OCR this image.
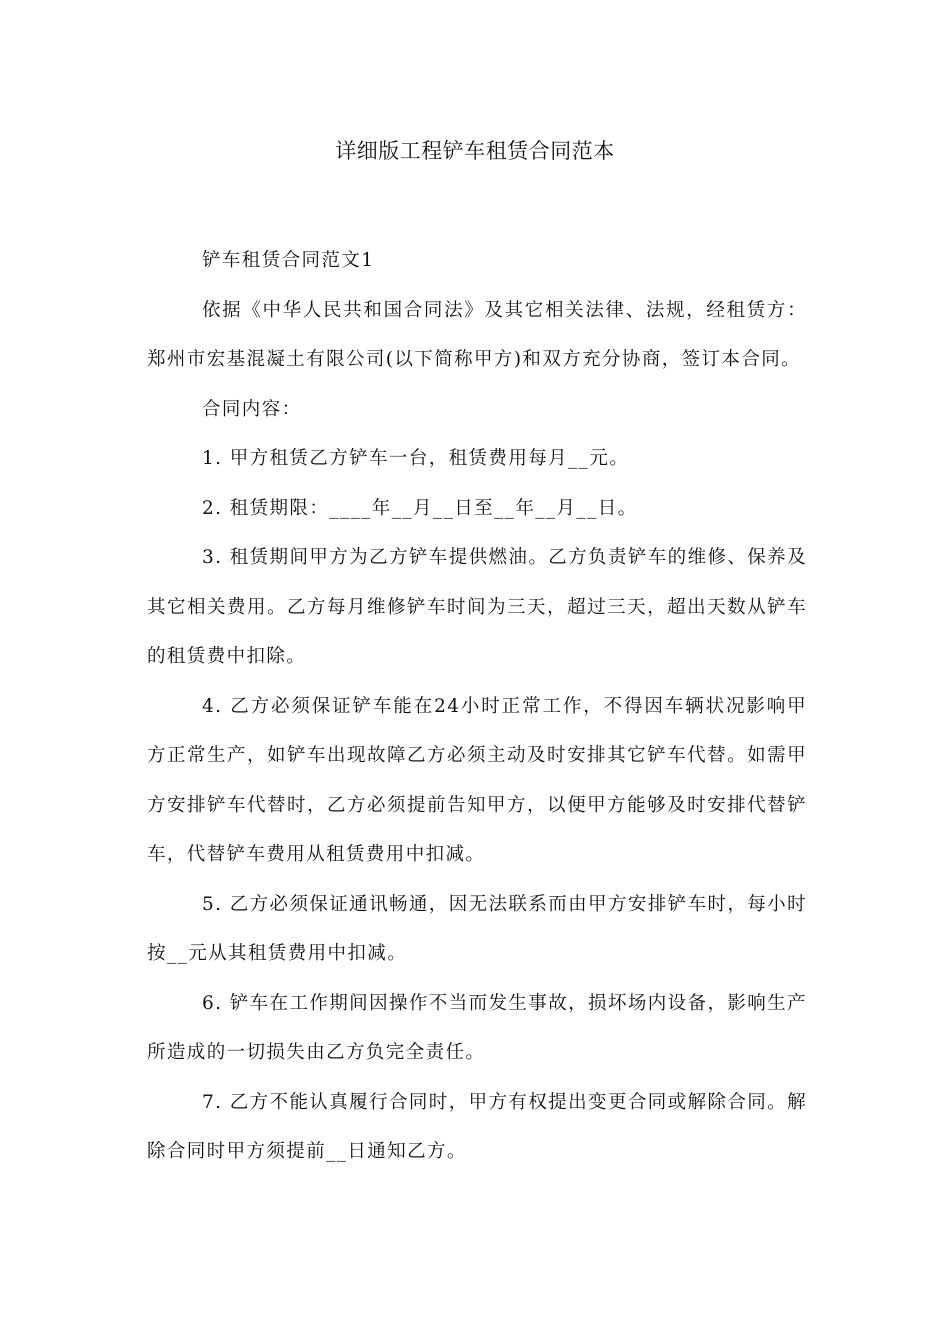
详细版工程铲车租赁合同范本

铲车租赁合同范文1

依据《中华人民共和国合同法》及其它相关法律、法规，经租赁方：郑州市宏基混凝土有限公司(以下简称甲方)和双方充分协商，签订本合同。

合同内容：

1. 甲方租赁乙方铲车一台，租赁费用每月__元。

2. 租赁期限：____年__月__日至__年__月__日。

3. 租赁期间甲方为乙方铲车提供燃油。乙方负责铲车的维修、保养及其它相关费用。乙方每月维修铲车时间为三天，超过三天，超出天数从铲车的租赁费中扣除。

4. 乙方必须保证铲车能在24小时正常工作，不得因车辆状况影响甲方正常生产，如铲车出现故障乙方必须主动及时安排其它铲车代替。如需甲方安排铲车代替时，乙方必须提前告知甲方，以便甲方能够及时安排代替铲车，代替铲车费用从租赁费用中扣减。

5. 乙方必须保证通讯畅通，因无法联系而由甲方安排铲车时，每小时按__元从其租赁费用中扣减。

6. 铲车在工作期间因操作不当而发生事故，损坏场内设备，影响生产所造成的一切损失由乙方负完全责任。

7. 乙方不能认真履行合同时，甲方有权提出变更合同或解除合同。解除合同时甲方须提前__日通知乙方。
